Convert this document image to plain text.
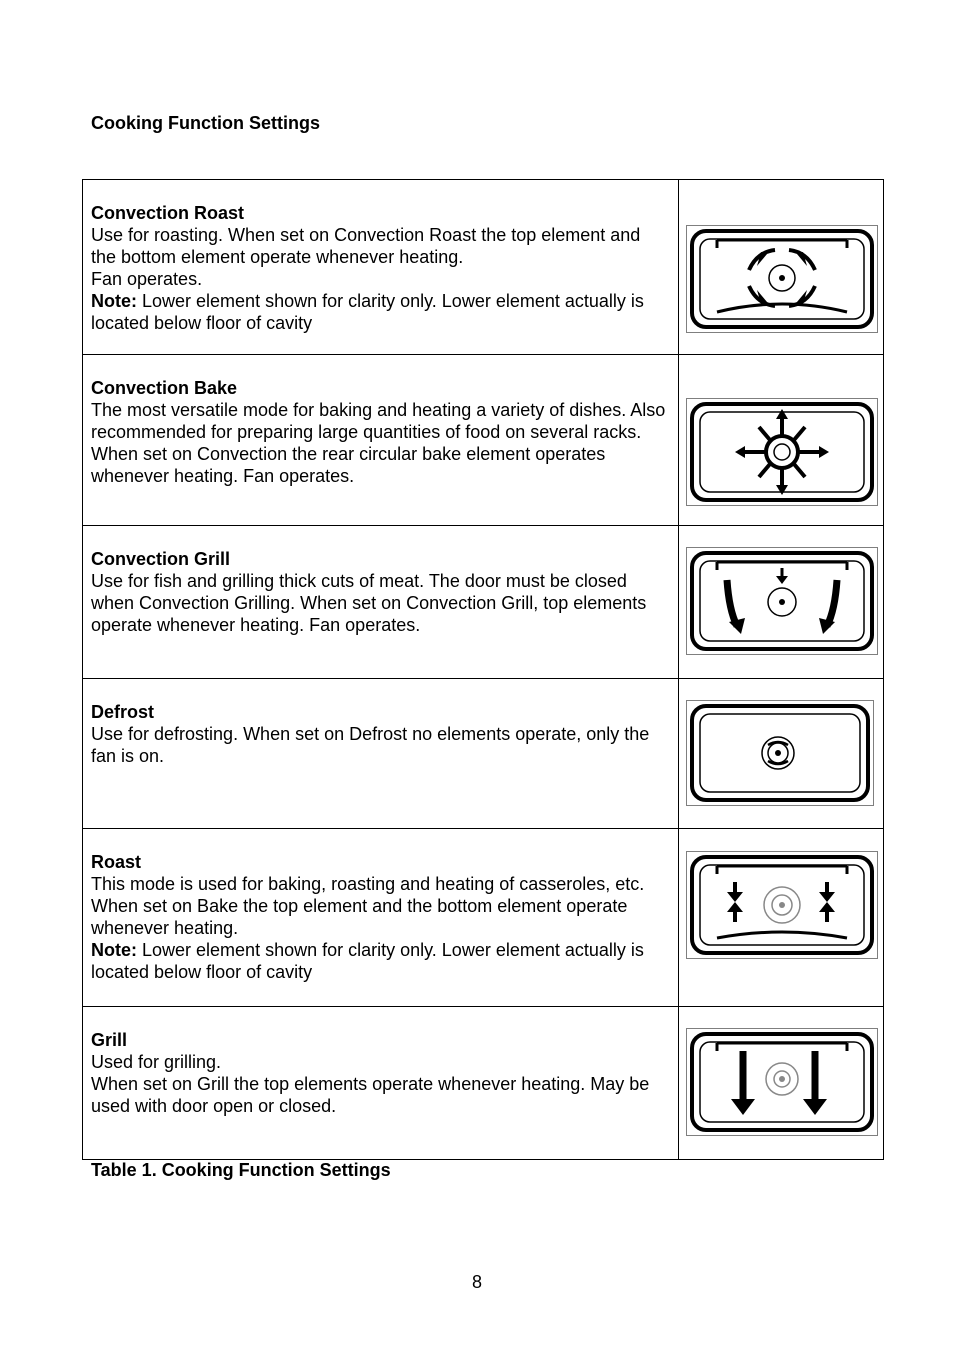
Cooking Function Settings
Convection Roast
Use for roasting. When set on Convection Roast the top element and the bottom element operate whenever heating.
Fan operates.
Note: Lower element shown for clarity only. Lower element actually is located below floor of cavity

Convection Bake
The most versatile mode for baking and heating a variety of dishes. Also recommended for preparing large quantities of food on several racks. When set on Convection the rear circular bake element operates whenever heating. Fan operates.

Convection Grill
Use for fish and grilling thick cuts of meat. The door must be closed when Convection Grilling. When set on Convection Grill, top elements operate whenever heating. Fan operates.

Defrost
Use for defrosting. When set on Defrost no elements operate, only the fan is on.

Roast
This mode is used for baking, roasting and heating of casseroles, etc. When set on Bake the top element and the bottom element operate whenever heating.
Note: Lower element shown for clarity only. Lower element actually is located below floor of cavity

Grill
Used for grilling.
When set on Grill the top elements operate whenever heating. May be used with door open or closed.

Table 1. Cooking Function Settings
8
